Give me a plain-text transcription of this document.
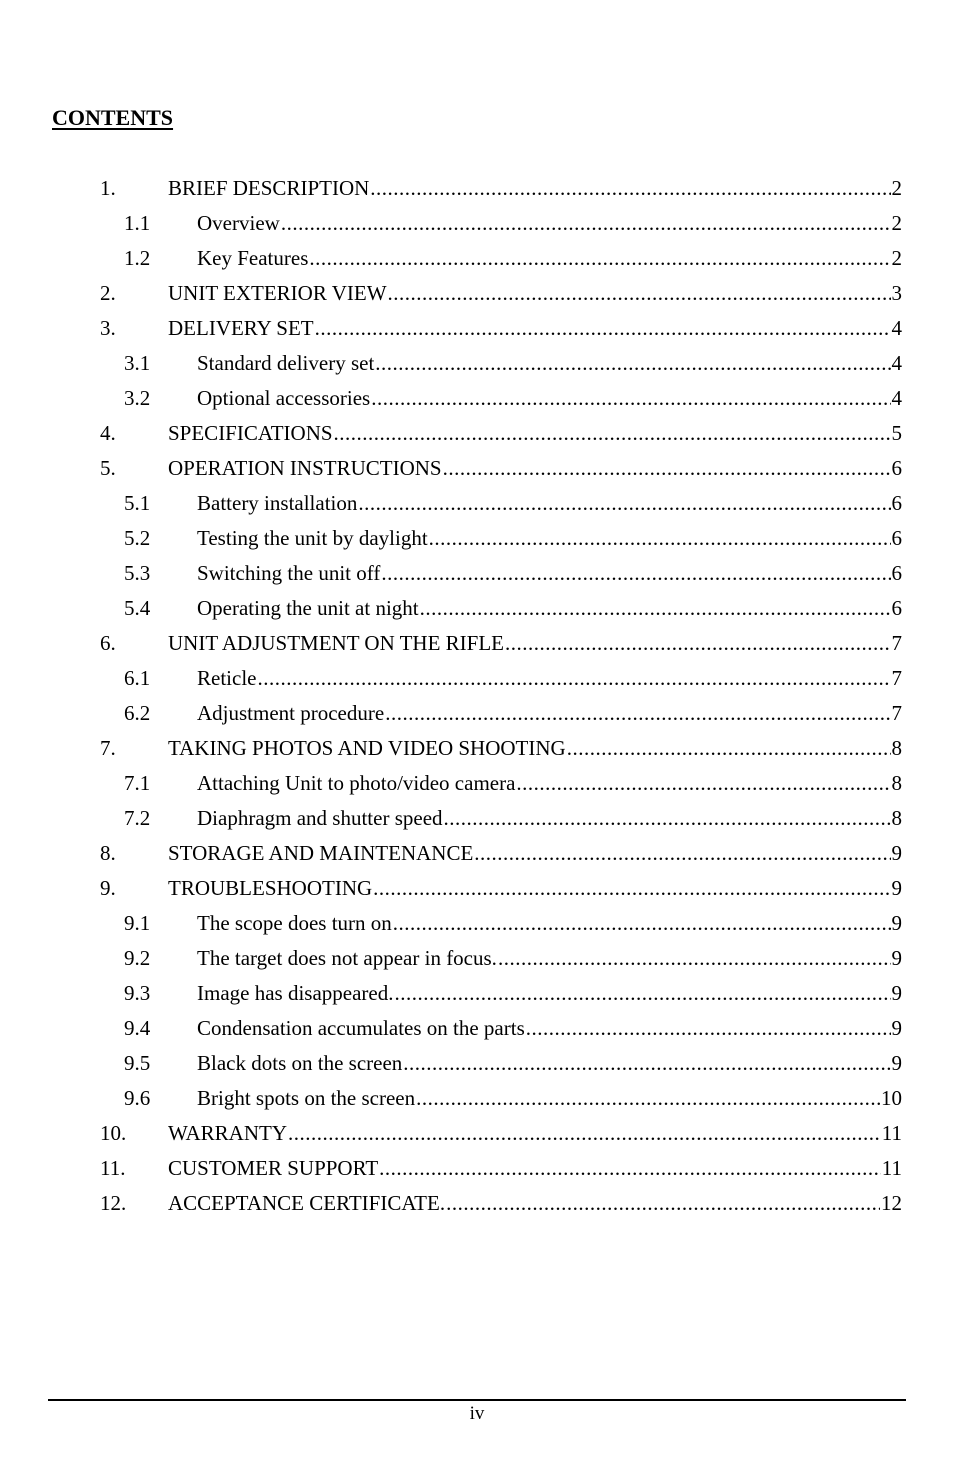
CONTENTS
1. BRIEF DESCRIPTION .....	2
1.1 Overview .....	2
1.2 Key Features .....	2
2. UNIT EXTERIOR VIEW .....	3
3. DELIVERY SET .....	4
3.1 Standard delivery set .....	4
3.2 Optional accessories .....	4
4. SPECIFICATIONS .....	5
5. OPERATION INSTRUCTIONS .....	6
5.1 Battery installation .....	6
5.2 Testing the unit by daylight .....	6
5.3 Switching the unit off .....	6
5.4 Operating the unit at night .....	6
6. UNIT ADJUSTMENT ON THE RIFLE .....	7
6.1 Reticle .....	7
6.2 Adjustment procedure .....	7
7. TAKING PHOTOS AND VIDEO SHOOTING .....	8
7.1 Attaching Unit to photo/video camera .....	8
7.2 Diaphragm and shutter speed .....	8
8. STORAGE AND MAINTENANCE .....	9
9. TROUBLESHOOTING .....	9
9.1 The scope does turn on .....	9
9.2 The target does not appear in focus. .....	9
9.3 Image has disappeared. .....	9
9.4 Condensation accumulates on the parts .....	9
9.5 Black dots on the screen .....	9
9.6 Bright spots on the screen .....	10
10. WARRANTY .....	11
11. CUSTOMER SUPPORT .....	11
12. ACCEPTANCE CERTIFICATE. .....	12
iv
